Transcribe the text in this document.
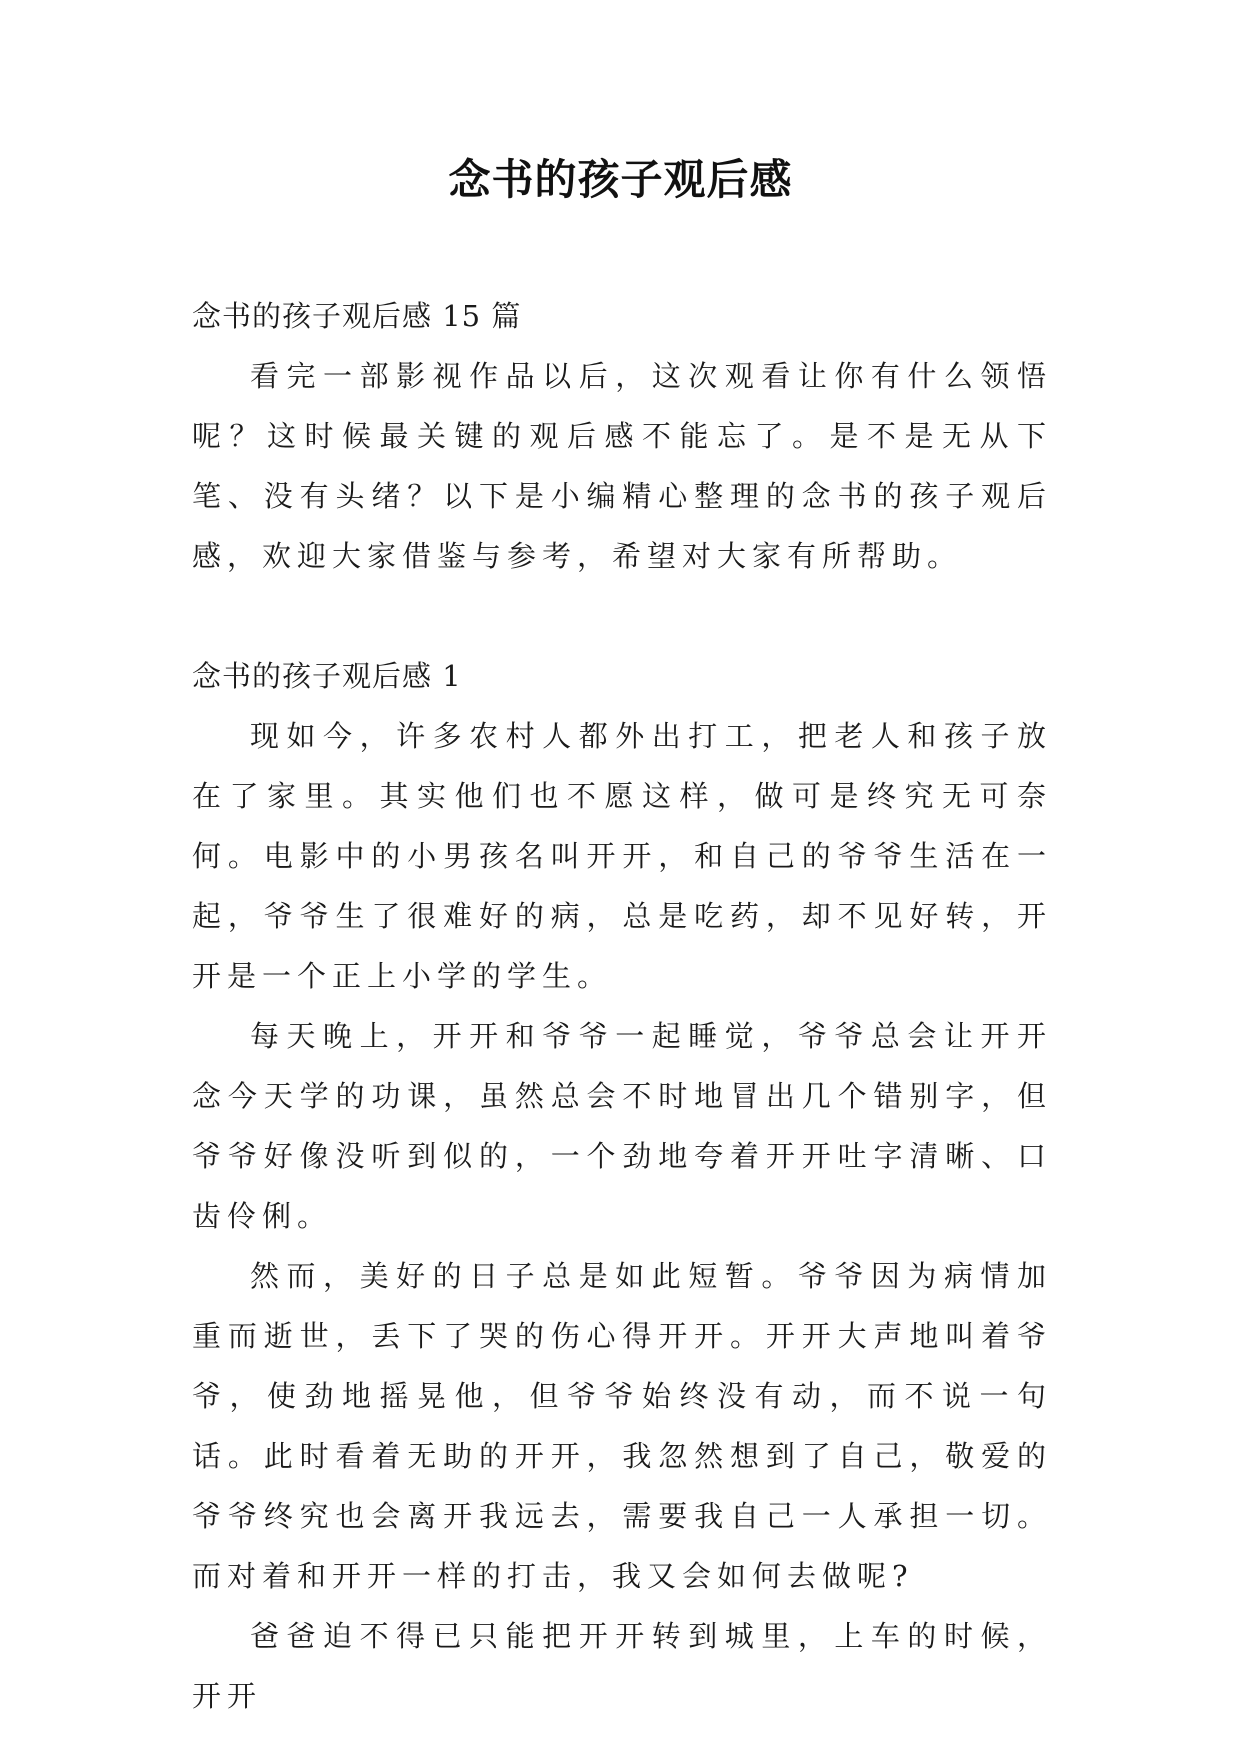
念书的孩子观后感

念书的孩子观后感 15 篇

看完一部影视作品以后，这次观看让你有什么领悟呢？这时候最关键的观后感不能忘了。是不是无从下笔、没有头绪？以下是小编精心整理的念书的孩子观后感，欢迎大家借鉴与参考，希望对大家有所帮助。

念书的孩子观后感 1

现如今，许多农村人都外出打工，把老人和孩子放在了家里。其实他们也不愿这样，做可是终究无可奈何。电影中的小男孩名叫开开，和自己的爷爷生活在一起，爷爷生了很难好的病，总是吃药，却不见好转，开开是一个正上小学的学生。

每天晚上，开开和爷爷一起睡觉，爷爷总会让开开念今天学的功课，虽然总会不时地冒出几个错别字，但爷爷好像没听到似的，一个劲地夸着开开吐字清晰、口齿伶俐。

然而，美好的日子总是如此短暂。爷爷因为病情加重而逝世，丢下了哭的伤心得开开。开开大声地叫着爷爷，使劲地摇晃他，但爷爷始终没有动，而不说一句话。此时看着无助的开开，我忽然想到了自己，敬爱的爷爷终究也会离开我远去，需要我自己一人承担一切。而对着和开开一样的打击，我又会如何去做呢?

爸爸迫不得已只能把开开转到城里，上车的时候，开开
